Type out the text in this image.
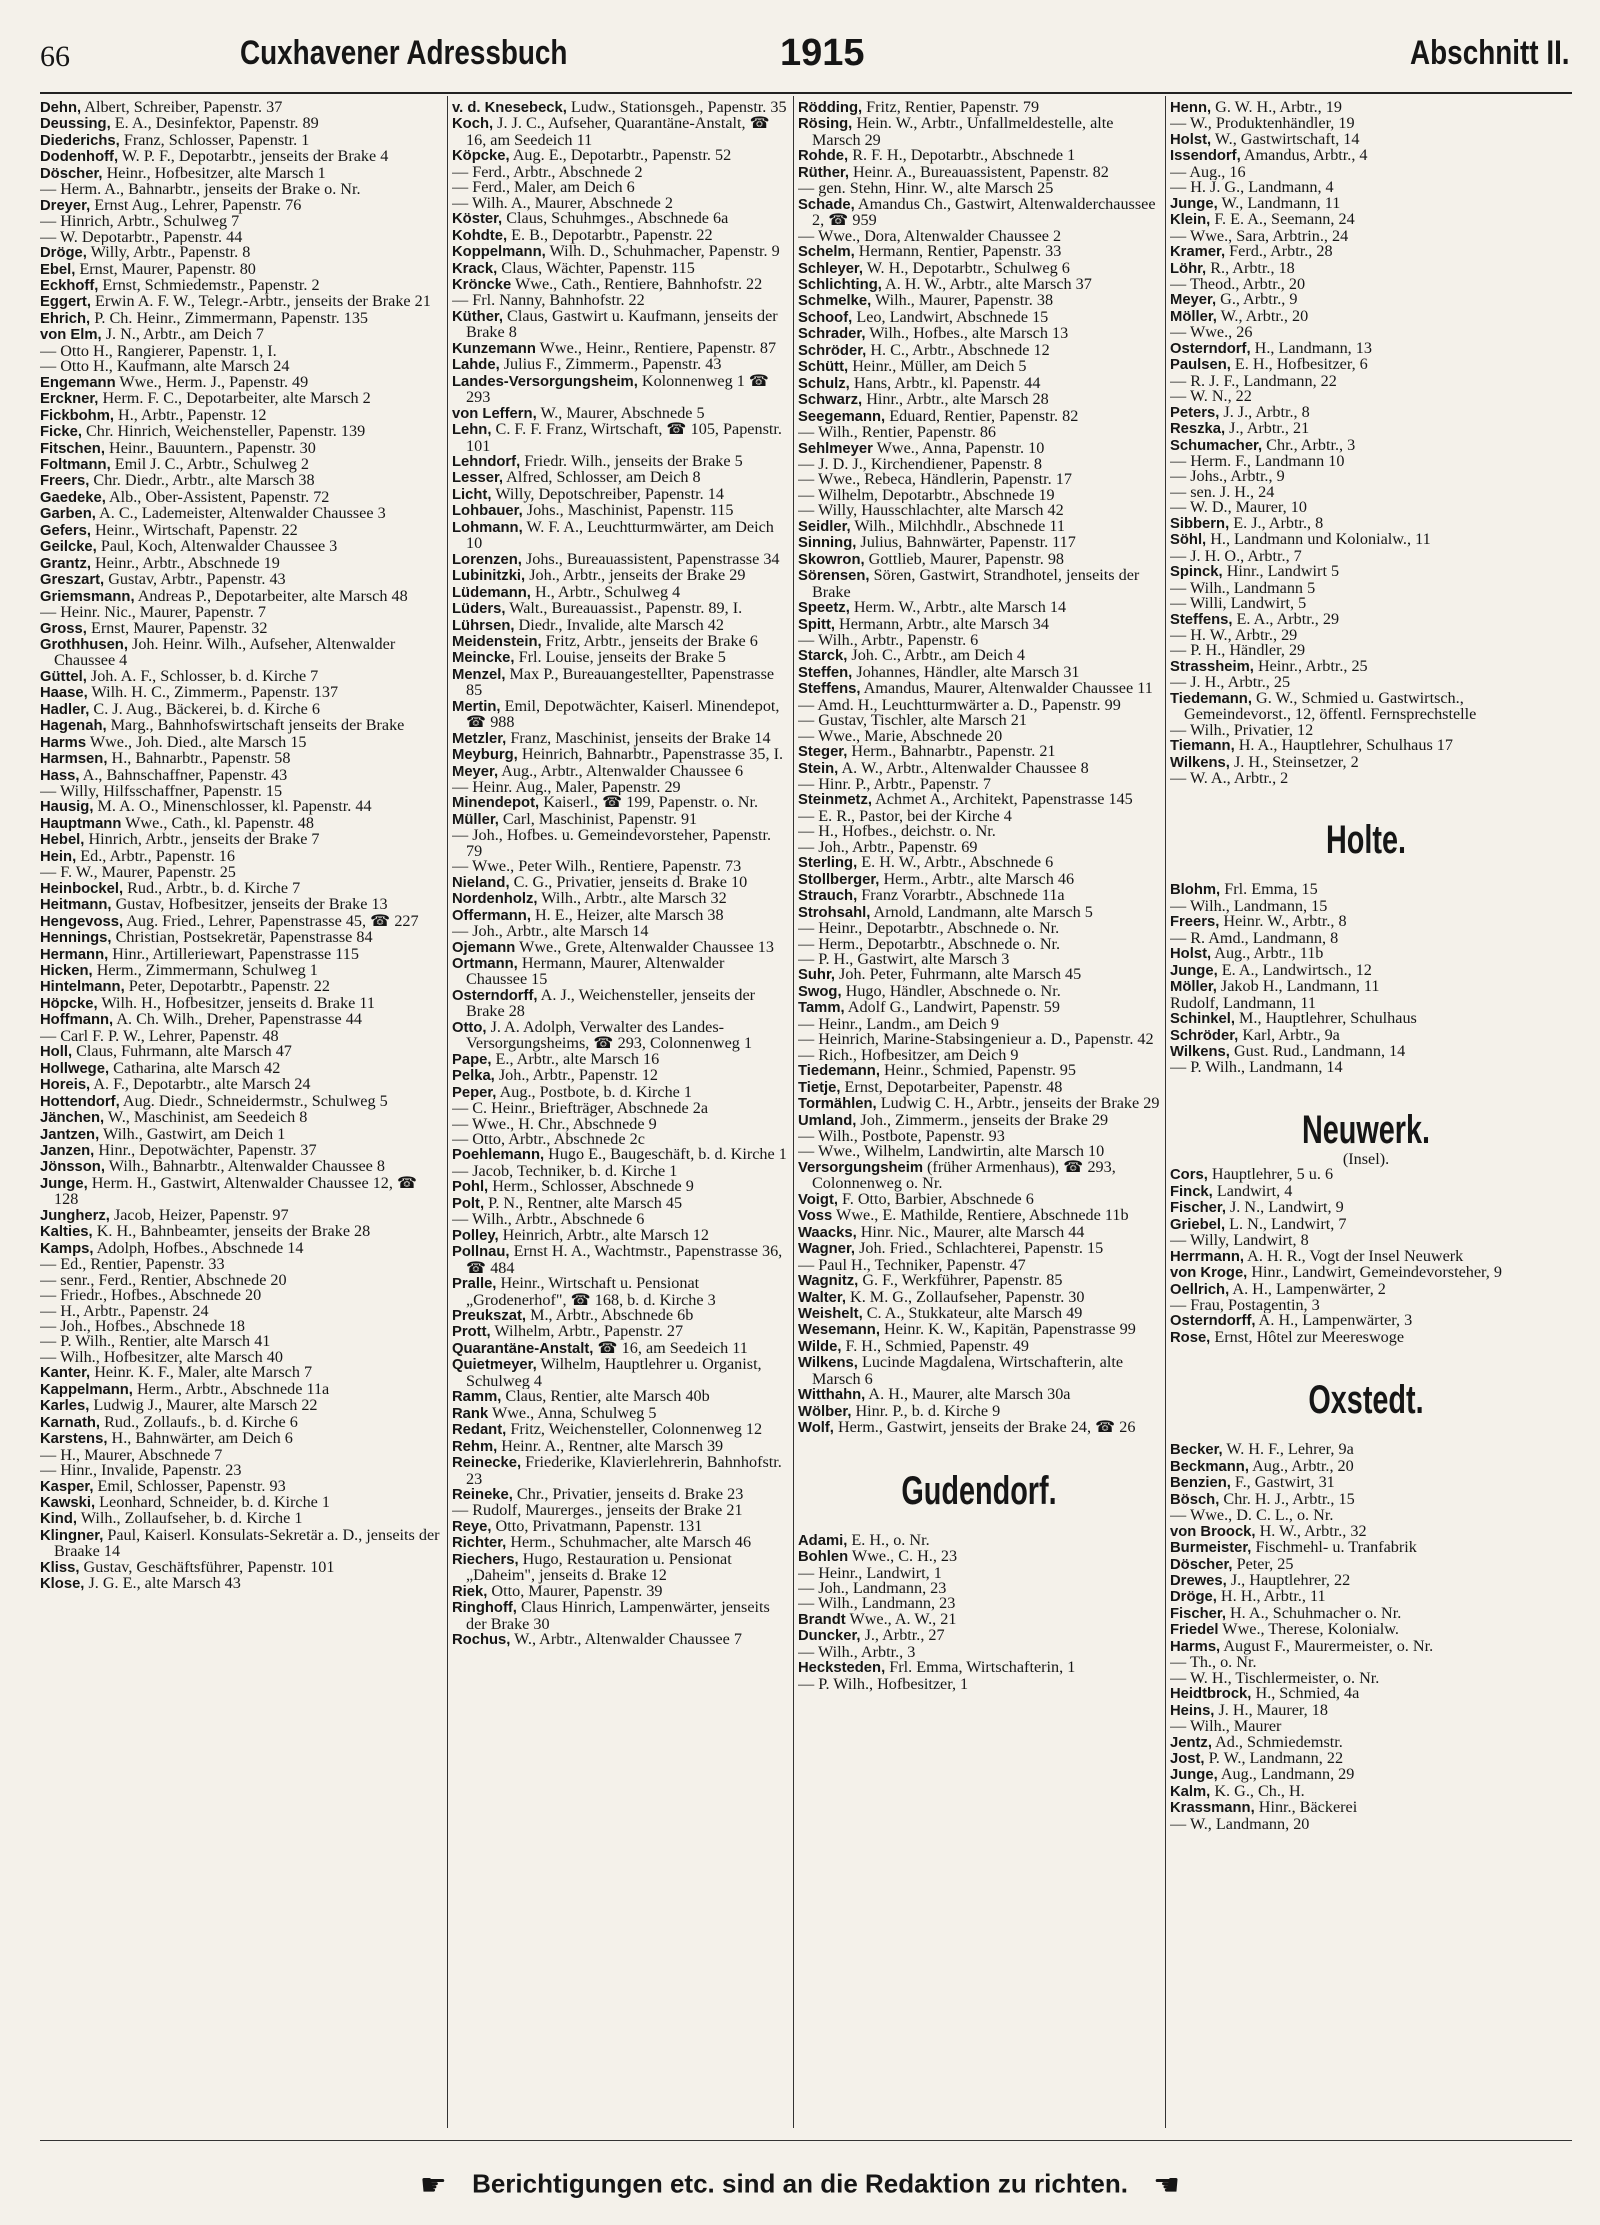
66	Cuxhavener Adressbuch	1915	Abschnitt II.
Dehn, Albert, Schreiber, Papenstr. 37
Deussing, E. A., Desinfektor, Papenstr. 89
Diederichs, Franz, Schlosser, Papenstr. 1
Dodenhoff, W. P. F., Depotarbtr., jenseits der Brake 4
Döscher, Heinr., Hofbesitzer, alte Marsch 1
— Herm. A., Bahnarbtr., jenseits der Brake o. Nr.
Dreyer, Ernst Aug., Lehrer, Papenstr. 76
— Hinrich, Arbtr., Schulweg 7
— W. Depotarbtr., Papenstr. 44
Dröge, Willy, Arbtr., Papenstr. 8
Ebel, Ernst, Maurer, Papenstr. 80
Eckhoff, Ernst, Schmiedemstr., Papenstr. 2
Eggert, Erwin A. F. W., Telegr.-Arbtr., jenseits der Brake 21
Ehrich, P. Ch. Heinr., Zimmermann, Papenstr. 135
von Elm, J. N., Arbtr., am Deich 7
— Otto H., Rangierer, Papenstr. 1, I.
— Otto H., Kaufmann, alte Marsch 24
Engemann Wwe., Herm. J., Papenstr. 49
Erckner, Herm. F. C., Depotarbeiter, alte Marsch 2
Fickbohm, H., Arbtr., Papenstr. 12
Ficke, Chr. Hinrich, Weichensteller, Papenstr. 139
Fitschen, Heinr., Bauuntern., Papenstr. 30
Foltmann, Emil J. C., Arbtr., Schulweg 2
Freers, Chr. Diedr., Arbtr., alte Marsch 38
Gaedeke, Alb., Ober-Assistent, Papenstr. 72
Garben, A. C., Lademeister, Altenwalder Chaussee 3
Gefers, Heinr., Wirtschaft, Papenstr. 22
Geilcke, Paul, Koch, Altenwalder Chaussee 3
Grantz, Heinr., Arbtr., Abschnede 19
Greszart, Gustav, Arbtr., Papenstr. 43
Griemsmann, Andreas P., Depotarbeiter, alte Marsch 48
— Heinr. Nic., Maurer, Papenstr. 7
Gross, Ernst, Maurer, Papenstr. 32
Grothhusen, Joh. Heinr. Wilh., Aufseher, Altenwalder Chaussee 4
Güttel, Joh. A. F., Schlosser, b. d. Kirche 7
Haase, Wilh. H. C., Zimmerm., Papenstr. 137
Hadler, C. J. Aug., Bäckerei, b. d. Kirche 6
Hagenah, Marg., Bahnhofswirtschaft jenseits der Brake
Harms Wwe., Joh. Died., alte Marsch 15
Harmsen, H., Bahnarbtr., Papenstr. 58
Hass, A., Bahnschaffner, Papenstr. 43
— Willy, Hilfsschaffner, Papenstr. 15
Hausig, M. A. O., Minenschlosser, kl. Papenstr. 44
Hauptmann Wwe., Cath., kl. Papenstr. 48
Hebel, Hinrich, Arbtr., jenseits der Brake 7
Hein, Ed., Arbtr., Papenstr. 16
— F. W., Maurer, Papenstr. 25
Heinbockel, Rud., Arbtr., b. d. Kirche 7
Heitmann, Gustav, Hofbesitzer, jenseits der Brake 13
Hengevoss, Aug. Fried., Lehrer, Papenstrasse 45, ☎ 227
Hennings, Christian, Postsekretär, Papenstrasse 84
Hermann, Hinr., Artilleriewart, Papenstrasse 115
Hicken, Herm., Zimmermann, Schulweg 1
Hintelmann, Peter, Depotarbtr., Papenstr. 22
Höpcke, Wilh. H., Hofbesitzer, jenseits d. Brake 11
Hoffmann, A. Ch. Wilh., Dreher, Papenstrasse 44
— Carl F. P. W., Lehrer, Papenstr. 48
Holl, Claus, Fuhrmann, alte Marsch 47
Hollwege, Catharina, alte Marsch 42
Horeis, A. F., Depotarbtr., alte Marsch 24
Hottendorf, Aug. Diedr., Schneidermstr., Schulweg 5
Jänchen, W., Maschinist, am Seedeich 8
Jantzen, Wilh., Gastwirt, am Deich 1
Janzen, Hinr., Depotwächter, Papenstr. 37
Jönsson, Wilh., Bahnarbtr., Altenwalder Chaussee 8
Junge, Herm. H., Gastwirt, Altenwalder Chaussee 12, ☎ 128
Jungherz, Jacob, Heizer, Papenstr. 97
Kalties, K. H., Bahnbeamter, jenseits der Brake 28
Kamps, Adolph, Hofbes., Abschnede 14
— Ed., Rentier, Papenstr. 33
— senr., Ferd., Rentier, Abschnede 20
— Friedr., Hofbes., Abschnede 20
— H., Arbtr., Papenstr. 24
— Joh., Hofbes., Abschnede 18
— P. Wilh., Rentier, alte Marsch 41
— Wilh., Hofbesitzer, alte Marsch 40
Kanter, Heinr. K. F., Maler, alte Marsch 7
Kappelmann, Herm., Arbtr., Abschnede 11a
Karles, Ludwig J., Maurer, alte Marsch 22
Karnath, Rud., Zollaufs., b. d. Kirche 6
Karstens, H., Bahnwärter, am Deich 6
— H., Maurer, Abschnede 7
— Hinr., Invalide, Papenstr. 23
Kasper, Emil, Schlosser, Papenstr. 93
Kawski, Leonhard, Schneider, b. d. Kirche 1
Kind, Wilh., Zollaufseher, b. d. Kirche 1
Klingner, Paul, Kaiserl. Konsulats-Sekretär a. D., jenseits der Braake 14
Kliss, Gustav, Geschäftsführer, Papenstr. 101
Klose, J. G. E., alte Marsch 43
v. d. Knesebeck, Ludw., Stationsgeh., Papenstr. 35
Koch, J. J. C., Aufseher, Quarantäne-Anstalt, ☎ 16, am Seedeich 11
Köpcke, Aug. E., Depotarbtr., Papenstr. 52
— Ferd., Arbtr., Abschnede 2
— Ferd., Maler, am Deich 6
— Wilh. A., Maurer, Abschnede 2
Köster, Claus, Schuhmges., Abschnede 6a
Kohdte, E. B., Depotarbtr., Papenstr. 22
Koppelmann, Wilh. D., Schuhmacher, Papenstr. 9
Krack, Claus, Wächter, Papenstr. 115
Kröncke Wwe., Cath., Rentiere, Bahnhofstr. 22
— Frl. Nanny, Bahnhofstr. 22
Küther, Claus, Gastwirt u. Kaufmann, jenseits der Brake 8
Kunzemann Wwe., Heinr., Rentiere, Papenstr. 87
Lahde, Julius F., Zimmerm., Papenstr. 43
Landes-Versorgungsheim, Kolonnenweg 1 ☎ 293
von Leffern, W., Maurer, Abschnede 5
Lehn, C. F. F. Franz, Wirtschaft, ☎ 105, Papenstr. 101
Lehndorf, Friedr. Wilh., jenseits der Brake 5
Lesser, Alfred, Schlosser, am Deich 8
Licht, Willy, Depotschreiber, Papenstr. 14
Lohbauer, Johs., Maschinist, Papenstr. 115
Lohmann, W. F. A., Leuchtturmwärter, am Deich 10
Lorenzen, Johs., Bureauassistent, Papenstrasse 34
Lubinitzki, Joh., Arbtr., jenseits der Brake 29
Lüdemann, H., Arbtr., Schulweg 4
Lüders, Walt., Bureauassist., Papenstr. 89, I.
Lührsen, Diedr., Invalide, alte Marsch 42
Meidenstein, Fritz, Arbtr., jenseits der Brake 6
Meincke, Frl. Louise, jenseits der Brake 5
Menzel, Max P., Bureauangestellter, Papenstrasse 85
Mertin, Emil, Depotwächter, Kaiserl. Minendepot, ☎ 988
Metzler, Franz, Maschinist, jenseits der Brake 14
Meyburg, Heinrich, Bahnarbtr., Papenstrasse 35, I.
Meyer, Aug., Arbtr., Altenwalder Chaussee 6
— Heinr. Aug., Maler, Papenstr. 29
Minendepot, Kaiserl., ☎ 199, Papenstr. o. Nr.
Müller, Carl, Maschinist, Papenstr. 91
— Joh., Hofbes. u. Gemeindevorsteher, Papenstr. 79
— Wwe., Peter Wilh., Rentiere, Papenstr. 73
Nieland, C. G., Privatier, jenseits d. Brake 10
Nordenholz, Wilh., Arbtr., alte Marsch 32
Offermann, H. E., Heizer, alte Marsch 38
— Joh., Arbtr., alte Marsch 14
Ojemann Wwe., Grete, Altenwalder Chaussee 13
Ortmann, Hermann, Maurer, Altenwalder Chaussee 15
Osterndorff, A. J., Weichensteller, jenseits der Brake 28
Otto, J. A. Adolph, Verwalter des Landes-Versorgungsheims, ☎ 293, Colonnenweg 1
Pape, E., Arbtr., alte Marsch 16
Pelka, Joh., Arbtr., Papenstr. 12
Peper, Aug., Postbote, b. d. Kirche 1
— C. Heinr., Briefträger, Abschnede 2a
— Wwe., H. Chr., Abschnede 9
— Otto, Arbtr., Abschnede 2c
Poehlemann, Hugo E., Baugeschäft, b. d. Kirche 1
— Jacob, Techniker, b. d. Kirche 1
Pohl, Herm., Schlosser, Abschnede 9
Polt, P. N., Rentner, alte Marsch 45
— Wilh., Arbtr., Abschnede 6
Polley, Heinrich, Arbtr., alte Marsch 12
Pollnau, Ernst H. A., Wachtmstr., Papenstrasse 36, ☎ 484
Pralle, Heinr., Wirtschaft u. Pensionat „Grodenerhof", ☎ 168, b. d. Kirche 3
Preukszat, M., Arbtr., Abschnede 6b
Prott, Wilhelm, Arbtr., Papenstr. 27
Quarantäne-Anstalt, ☎ 16, am Seedeich 11
Quietmeyer, Wilhelm, Hauptlehrer u. Organist, Schulweg 4
Ramm, Claus, Rentier, alte Marsch 40b
Rank Wwe., Anna, Schulweg 5
Redant, Fritz, Weichensteller, Colonnenweg 12
Rehm, Heinr. A., Rentner, alte Marsch 39
Reinecke, Friederike, Klavierlehrerin, Bahnhofstr. 23
Reineke, Chr., Privatier, jenseits d. Brake 23
— Rudolf, Maurerges., jenseits der Brake 21
Reye, Otto, Privatmann, Papenstr. 131
Richter, Herm., Schuhmacher, alte Marsch 46
Riechers, Hugo, Restauration u. Pensionat „Daheim", jenseits d. Brake 12
Riek, Otto, Maurer, Papenstr. 39
Ringhoff, Claus Hinrich, Lampenwärter, jenseits der Brake 30
Rochus, W., Arbtr., Altenwalder Chaussee 7
Rödding, Fritz, Rentier, Papenstr. 79
Rösing, Hein. W., Arbtr., Unfallmeldestelle, alte Marsch 29
Rohde, R. F. H., Depotarbtr., Abschnede 1
Rüther, Heinr. A., Bureauassistent, Papenstr. 82
— gen. Stehn, Hinr. W., alte Marsch 25
Schade, Amandus Ch., Gastwirt, Altenwalderchaussee 2, ☎ 959
— Wwe., Dora, Altenwalder Chaussee 2
Schelm, Hermann, Rentier, Papenstr. 33
Schleyer, W. H., Depotarbtr., Schulweg 6
Schlichting, A. H. W., Arbtr., alte Marsch 37
Schmelke, Wilh., Maurer, Papenstr. 38
Schoof, Leo, Landwirt, Abschnede 15
Schrader, Wilh., Hofbes., alte Marsch 13
Schröder, H. C., Arbtr., Abschnede 12
Schütt, Heinr., Müller, am Deich 5
Schulz, Hans, Arbtr., kl. Papenstr. 44
Schwarz, Hinr., Arbtr., alte Marsch 28
Seegemann, Eduard, Rentier, Papenstr. 82
— Wilh., Rentier, Papenstr. 86
Sehlmeyer Wwe., Anna, Papenstr. 10
— J. D. J., Kirchendiener, Papenstr. 8
— Wwe., Rebeca, Händlerin, Papenstr. 17
— Wilhelm, Depotarbtr., Abschnede 19
— Willy, Hausschlachter, alte Marsch 42
Seidler, Wilh., Milchhdlr., Abschnede 11
Sinning, Julius, Bahnwärter, Papenstr. 117
Skowron, Gottlieb, Maurer, Papenstr. 98
Sörensen, Sören, Gastwirt, Strandhotel, jenseits der Brake
Speetz, Herm. W., Arbtr., alte Marsch 14
Spitt, Hermann, Arbtr., alte Marsch 34
— Wilh., Arbtr., Papenstr. 6
Starck, Joh. C., Arbtr., am Deich 4
Steffen, Johannes, Händler, alte Marsch 31
Steffens, Amandus, Maurer, Altenwalder Chaussee 11
— Amd. H., Leuchtturmwärter a. D., Papenstr. 99
— Gustav, Tischler, alte Marsch 21
— Wwe., Marie, Abschnede 20
Steger, Herm., Bahnarbtr., Papenstr. 21
Stein, A. W., Arbtr., Altenwalder Chaussee 8
— Hinr. P., Arbtr., Papenstr. 7
Steinmetz, Achmet A., Architekt, Papenstrasse 145
— E. R., Pastor, bei der Kirche 4
— H., Hofbes., deichstr. o. Nr.
— Joh., Arbtr., Papenstr. 69
Sterling, E. H. W., Arbtr., Abschnede 6
Stollberger, Herm., Arbtr., alte Marsch 46
Strauch, Franz Vorarbtr., Abschnede 11a
Strohsahl, Arnold, Landmann, alte Marsch 5
— Heinr., Depotarbtr., Abschnede o. Nr.
— Herm., Depotarbtr., Abschnede o. Nr.
— P. H., Gastwirt, alte Marsch 3
Suhr, Joh. Peter, Fuhrmann, alte Marsch 45
Swog, Hugo, Händler, Abschnede o. Nr.
Tamm, Adolf G., Landwirt, Papenstr. 59
— Heinr., Landm., am Deich 9
— Heinrich, Marine-Stabsingenieur a. D., Papenstr. 42
— Rich., Hofbesitzer, am Deich 9
Tiedemann, Heinr., Schmied, Papenstr. 95
Tietje, Ernst, Depotarbeiter, Papenstr. 48
Tormählen, Ludwig C. H., Arbtr., jenseits der Brake 29
Umland, Joh., Zimmerm., jenseits der Brake 29
— Wilh., Postbote, Papenstr. 93
— Wwe., Wilhelm, Landwirtin, alte Marsch 10
Versorgungsheim (früher Armenhaus), ☎ 293, Colonnenweg o. Nr.
Voigt, F. Otto, Barbier, Abschnede 6
Voss Wwe., E. Mathilde, Rentiere, Abschnede 11b
Waacks, Hinr. Nic., Maurer, alte Marsch 44
Wagner, Joh. Fried., Schlachterei, Papenstr. 15
— Paul H., Techniker, Papenstr. 47
Wagnitz, G. F., Werkführer, Papenstr. 85
Walter, K. M. G., Zollaufseher, Papenstr. 30
Weishelt, C. A., Stukkateur, alte Marsch 49
Wesemann, Heinr. K. W., Kapitän, Papenstrasse 99
Wilde, F. H., Schmied, Papenstr. 49
Wilkens, Lucinde Magdalena, Wirtschafterin, alte Marsch 6
Witthahn, A. H., Maurer, alte Marsch 30a
Wölber, Hinr. P., b. d. Kirche 9
Wolf, Herm., Gastwirt, jenseits der Brake 24, ☎ 26
Gudendorf.
Adami, E. H., o. Nr.
Bohlen Wwe., C. H., 23
— Heinr., Landwirt, 1
— Joh., Landmann, 23
— Wilh., Landmann, 23
Brandt Wwe., A. W., 21
Duncker, J., Arbtr., 27
— Wilh., Arbtr., 3
Hecksteden, Frl. Emma, Wirtschafterin, 1
— P. Wilh., Hofbesitzer, 1
Henn, G. W. H., Arbtr., 19
— W., Produktenhändler, 19
Holst, W., Gastwirtschaft, 14
Issendorf, Amandus, Arbtr., 4
— Aug., 16
— H. J. G., Landmann, 4
Junge, W., Landmann, 11
Klein, F. E. A., Seemann, 24
— Wwe., Sara, Arbtrin., 24
Kramer, Ferd., Arbtr., 28
Löhr, R., Arbtr., 18
— Theod., Arbtr., 20
Meyer, G., Arbtr., 9
Möller, W., Arbtr., 20
— Wwe., 26
Osterndorf, H., Landmann, 13
Paulsen, E. H., Hofbesitzer, 6
— R. J. F., Landmann, 22
— W. N., 22
Peters, J. J., Arbtr., 8
Reszka, J., Arbtr., 21
Schumacher, Chr., Arbtr., 3
— Herm. F., Landmann 10
— Johs., Arbtr., 9
— sen. J. H., 24
— W. D., Maurer, 10
Sibbern, E. J., Arbtr., 8
Söhl, H., Landmann und Kolonialw., 11
— J. H. O., Arbtr., 7
Spinck, Hinr., Landwirt 5
— Wilh., Landmann 5
— Willi, Landwirt, 5
Steffens, E. A., Arbtr., 29
— H. W., Arbtr., 29
— P. H., Händler, 29
Strassheim, Heinr., Arbtr., 25
— J. H., Arbtr., 25
Tiedemann, G. W., Schmied u. Gastwirtsch., Gemeindevorst., 12, öffentl. Fernsprechstelle
— Wilh., Privatier, 12
Tiemann, H. A., Hauptlehrer, Schulhaus 17
Wilkens, J. H., Steinsetzer, 2
— W. A., Arbtr., 2
Holte.
Blohm, Frl. Emma, 15
— Wilh., Landmann, 15
Freers, Heinr. W., Arbtr., 8
— R. Amd., Landmann, 8
Holst, Aug., Arbtr., 11b
Junge, E. A., Landwirtsch., 12
Möller, Jakob H., Landmann, 11
Rudolf, Landmann, 11
Schinkel, M., Hauptlehrer, Schulhaus
Schröder, Karl, Arbtr., 9a
Wilkens, Gust. Rud., Landmann, 14
— P. Wilh., Landmann, 14
Neuwerk.
(Insel).
Cors, Hauptlehrer, 5 u. 6
Finck, Landwirt, 4
Fischer, J. N., Landwirt, 9
Griebel, L. N., Landwirt, 7
— Willy, Landwirt, 8
Herrmann, A. H. R., Vogt der Insel Neuwerk
von Kroge, Hinr., Landwirt, Gemeindevorsteher, 9
Oellrich, A. H., Lampenwärter, 2
— Frau, Postagentin, 3
Osterndorff, A. H., Lampenwärter, 3
Rose, Ernst, Hôtel zur Meereswoge
Oxstedt.
Becker, W. H. F., Lehrer, 9a
Beckmann, Aug., Arbtr., 20
Benzien, F., Gastwirt, 31
Bösch, Chr. H. J., Arbtr., 15
— Wwe., D. C. L., o. Nr.
von Broock, H. W., Arbtr., 32
Burmeister, Fischmehl- u. Tranfabrik
Döscher, Peter, 25
Drewes, J., Hauptlehrer, 22
Dröge, H. H., Arbtr., 11
Fischer, H. A., Schuhmacher o. Nr.
Friedel Wwe., Therese, Kolonialw.
Harms, August F., Maurermeister, o. Nr.
— Th., o. Nr.
— W. H., Tischlermeister, o. Nr.
Heidtbrock, H., Schmied, 4a
Heins, J. H., Maurer, 18
— Wilh., Maurer
Jentz, Ad., Schmiedemstr.
Jost, P. W., Landmann, 22
Junge, Aug., Landmann, 29
Kalm, K. G., Ch., H.
Krassmann, Hinr., Bäckerei
— W., Landmann, 20
☛ Berichtigungen etc. sind an die Redaktion zu richten. ☚
